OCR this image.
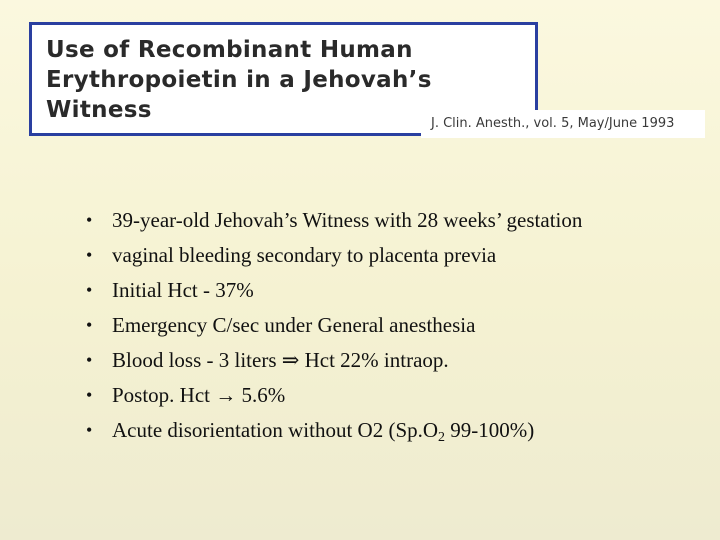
Use of Recombinant Human
Erythropoietin in a Jehovah’s
Witness
J. Clin. Anesth., vol. 5, May/June 1993
• 39-year-old Jehovah’s Witness with 28 weeks’ gestation
• vaginal bleeding secondary to placenta previa
• Initial Hct - 37%
• Emergency C/sec under General anesthesia
• Blood loss - 3 liters ⇒ Hct 22% intraop.
• Postop. Hct → 5.6%
• Acute disorientation without O2 ($Sp.O_2$ 99-100%)
